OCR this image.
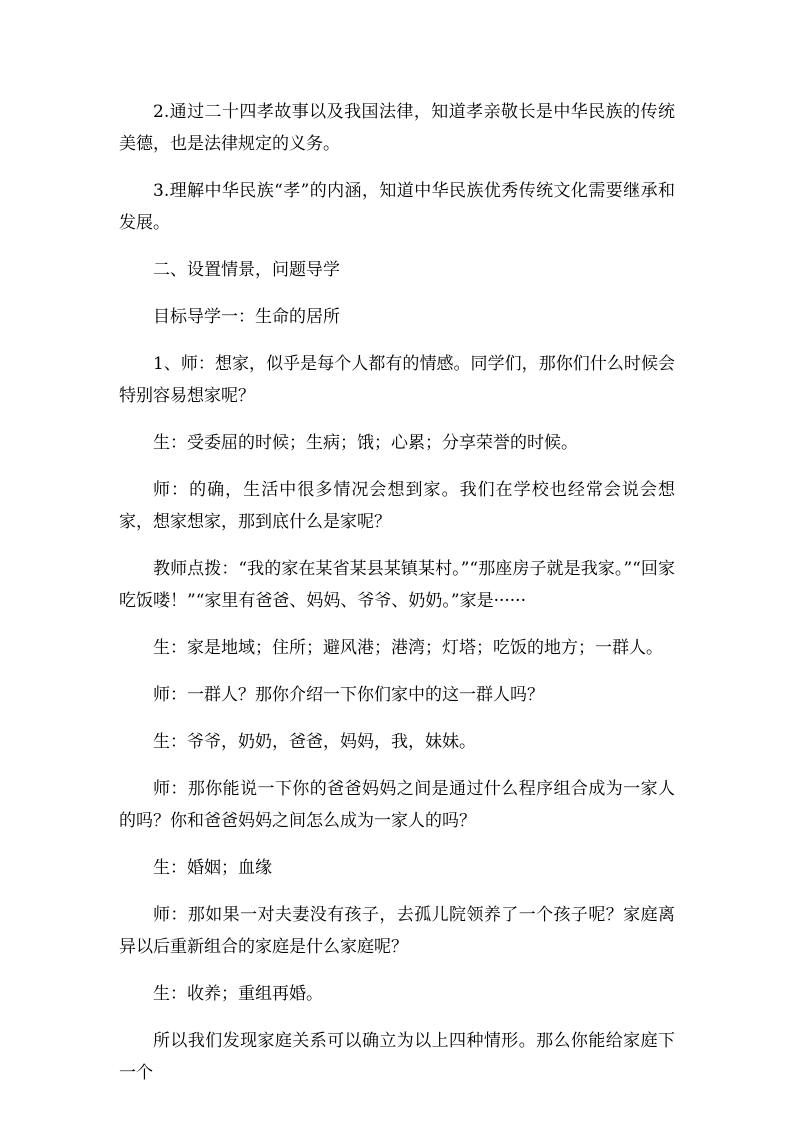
2.通过二十四孝故事以及我国法律，知道孝亲敬长是中华民族的传统美德，也是法律规定的义务。

3.理解中华民族“孝”的内涵，知道中华民族优秀传统文化需要继承和发展。

二、设置情景，问题导学

目标导学一：生命的居所

1、师：想家，似乎是每个人都有的情感。同学们，那你们什么时候会特别容易想家呢？

生：受委屈的时候；生病；饿；心累；分享荣誉的时候。

师：的确，生活中很多情况会想到家。我们在学校也经常会说会想家，想家想家，那到底什么是家呢？

教师点拨：“我的家在某省某县某镇某村。”“那座房子就是我家。”“回家吃饭喽！”“家里有爸爸、妈妈、爷爷、奶奶。”家是······

生：家是地域；住所；避风港；港湾；灯塔；吃饭的地方；一群人。

师：一群人？那你介绍一下你们家中的这一群人吗？

生：爷爷，奶奶，爸爸，妈妈，我，妹妹。

师：那你能说一下你的爸爸妈妈之间是通过什么程序组合成为一家人的吗？你和爸爸妈妈之间怎么成为一家人的吗？

生：婚姻；血缘

师：那如果一对夫妻没有孩子，去孤儿院领养了一个孩子呢？家庭离异以后重新组合的家庭是什么家庭呢？

生：收养；重组再婚。

所以我们发现家庭关系可以确立为以上四种情形。那么你能给家庭下一个
